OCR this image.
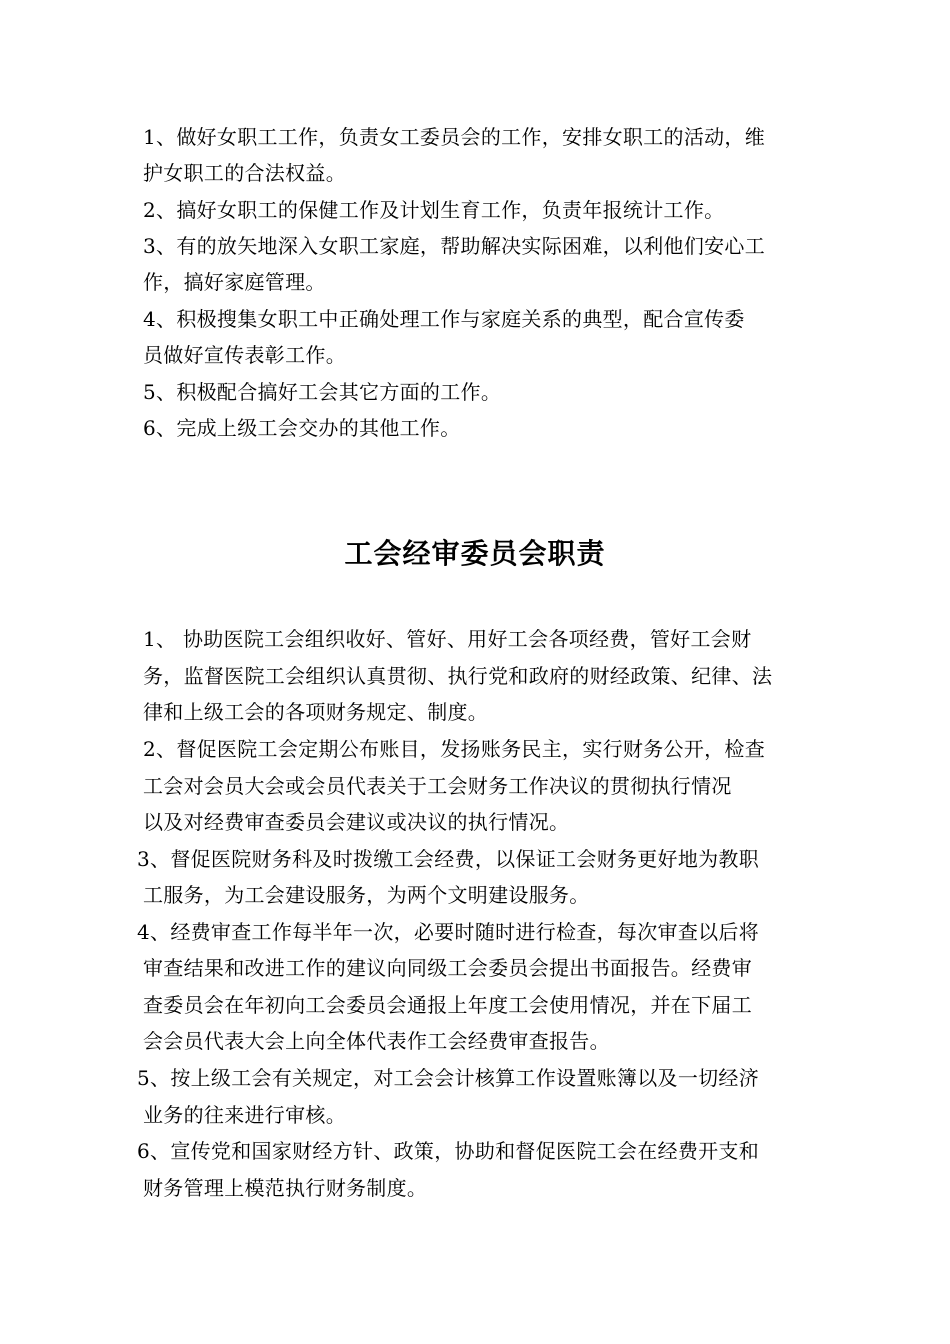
1、做好女职工工作，负责女工委员会的工作，安排女职工的活动，维
护女职工的合法权益。
2、搞好女职工的保健工作及计划生育工作，负责年报统计工作。
3、有的放矢地深入女职工家庭，帮助解决实际困难，以利他们安心工
作，搞好家庭管理。
4、积极搜集女职工中正确处理工作与家庭关系的典型，配合宣传委
员做好宣传表彰工作。
5、积极配合搞好工会其它方面的工作。
6、完成上级工会交办的其他工作。
工会经审委员会职责
1、 协助医院工会组织收好、管好、用好工会各项经费，管好工会财
务，监督医院工会组织认真贯彻、执行党和政府的财经政策、纪律、法
律和上级工会的各项财务规定、制度。
2、督促医院工会定期公布账目，发扬账务民主，实行财务公开，检查
工会对会员大会或会员代表关于工会财务工作决议的贯彻执行情况
以及对经费审查委员会建议或决议的执行情况。
3、督促医院财务科及时拨缴工会经费，以保证工会财务更好地为教职
工服务，为工会建设服务，为两个文明建设服务。
4、经费审查工作每半年一次，必要时随时进行检查，每次审查以后将
审查结果和改进工作的建议向同级工会委员会提出书面报告。经费审
查委员会在年初向工会委员会通报上年度工会使用情况，并在下届工
会会员代表大会上向全体代表作工会经费审查报告。
5、按上级工会有关规定，对工会会计核算工作设置账簿以及一切经济
业务的往来进行审核。
6、宣传党和国家财经方针、政策，协助和督促医院工会在经费开支和
财务管理上模范执行财务制度。
